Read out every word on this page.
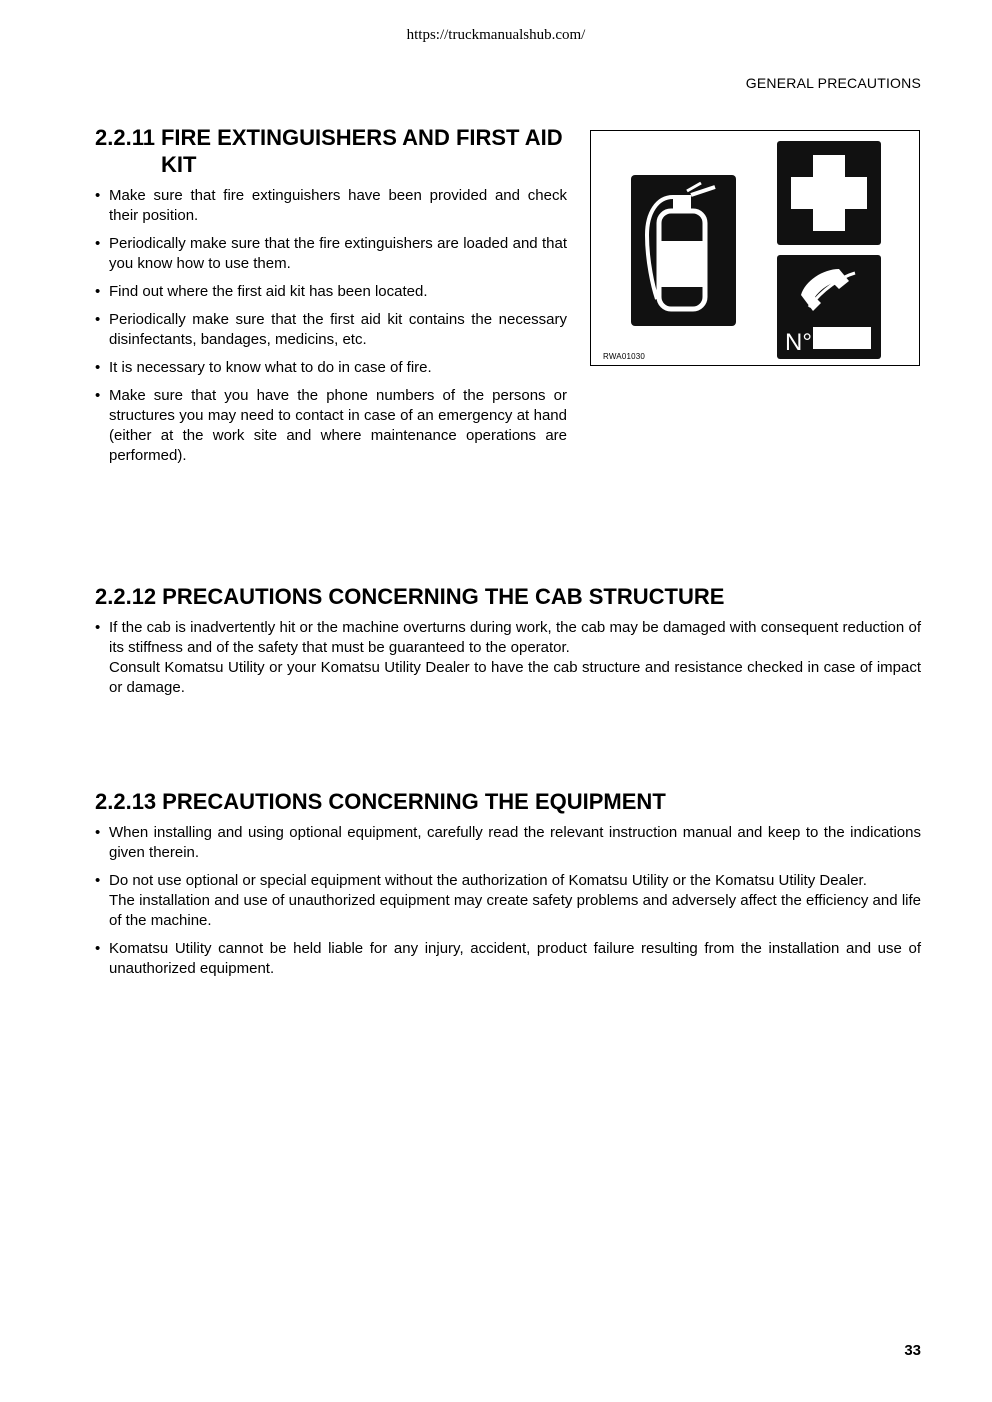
https://truckmanualshub.com/
GENERAL PRECAUTIONS
2.2.11 FIRE EXTINGUISHERS AND FIRST AID KIT
• Make sure that fire extinguishers have been provided and check their position.

• Periodically make sure that the fire extinguishers are loaded and that you know how to use them.

• Find out where the first aid kit has been located.

• Periodically make sure that the first aid kit contains the necessary disinfectants, bandages, medicins, etc.

• It is necessary to know what to do in case of fire.

• Make sure that you have the phone numbers of the persons or structures you may need to contact in case of an emergency at hand (either at the work site and where maintenance operations are performed).

N°
RWA01030
2.2.12 PRECAUTIONS CONCERNING THE CAB STRUCTURE
• If the cab is inadvertently hit or the machine overturns during work, the cab may be damaged with consequent reduction of its stiffness and of the safety that must be guaranteed to the operator.

Consult Komatsu Utility or your Komatsu Utility Dealer to have the cab structure and resistance checked in case of impact or damage.

2.2.13 PRECAUTIONS CONCERNING THE EQUIPMENT
• When installing and using optional equipment, carefully read the relevant instruction manual and keep to the indications given therein.

• Do not use optional or special equipment without the authorization of Komatsu Utility or the Komatsu Utility Dealer.

The installation and use of unauthorized equipment may create safety problems and adversely affect the efficiency and life of the machine.

• Komatsu Utility cannot be held liable for any injury, accident, product failure resulting from the installation and use of unauthorized equipment.

33
